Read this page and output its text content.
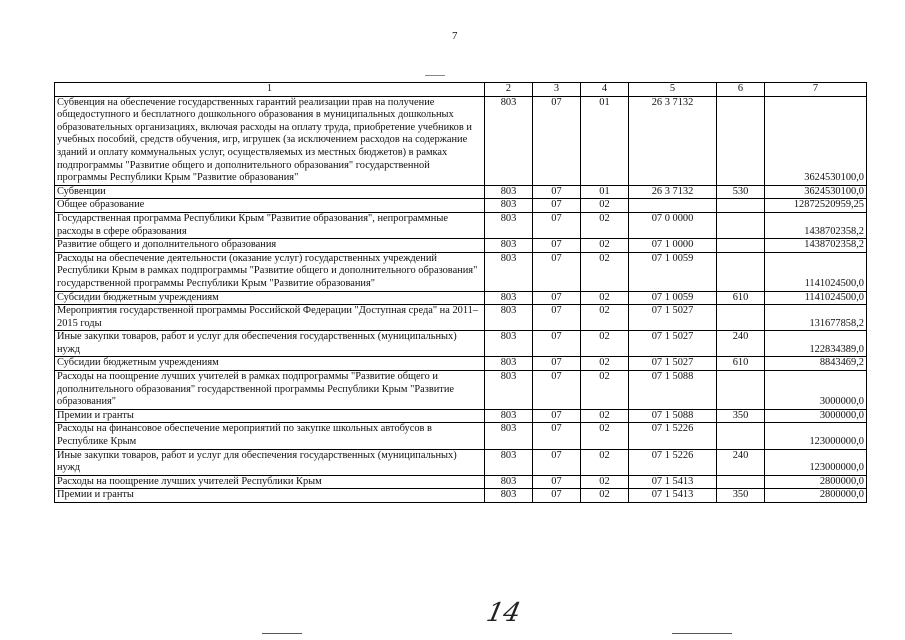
7
1	2	3	4	5	6	7
Субвенция на обеспечение государственных гарантий реализации прав на получение общедоступного и бесплатного дошкольного образования в муниципальных дошкольных образовательных организациях, включая расходы на оплату труда, приобретение учебников и учебных пособий, средств обучения, игр, игрушек (за исключением расходов на содержание зданий и оплату коммунальных услуг, осуществляемых из местных бюджетов) в рамках подпрограммы "Развитие общего и дополнительного образования" государственной программы Республики Крым "Развитие образования"	803	07	01	26 3 7132		3624530100,0
Субвенции	803	07	01	26 3 7132	530	3624530100,0
Общее образование	803	07	02			12872520959,25
Государственная программа Республики Крым "Развитие образования", непрограммные расходы в сфере образования	803	07	02	07 0 0000		1438702358,2
Развитие общего и дополнительного образования	803	07	02	07 1 0000		1438702358,2
Расходы на обеспечение деятельности (оказание услуг) государственных учреждений Республики Крым в рамках подпрограммы "Развитие общего и дополнительного образования" государственной программы Республики Крым "Развитие образования"	803	07	02	07 1 0059		1141024500,0
Субсидии бюджетным учреждениям	803	07	02	07 1 0059	610	1141024500,0
Мероприятия государственной программы Российской Федерации "Доступная среда" на 2011–2015 годы	803	07	02	07 1 5027		131677858,2
Иные закупки товаров, работ и услуг для обеспечения государственных (муниципальных) нужд	803	07	02	07 1 5027	240	122834389,0
Субсидии бюджетным учреждениям	803	07	02	07 1 5027	610	8843469,2
Расходы на поощрение лучших учителей в рамках подпрограммы "Развитие общего и дополнительного образования" государственной программы Республики Крым "Развитие образования"	803	07	02	07 1 5088		3000000,0
Премии и гранты	803	07	02	07 1 5088	350	3000000,0
Расходы на финансовое обеспечение мероприятий по закупке школьных автобусов в Республике Крым	803	07	02	07 1 5226		123000000,0
Иные закупки товаров, работ и услуг для обеспечения государственных (муниципальных) нужд	803	07	02	07 1 5226	240	123000000,0
Расходы на поощрение лучших учителей Республики Крым	803	07	02	07 1 5413		2800000,0
Премии и гранты	803	07	02	07 1 5413	350	2800000,0
14
